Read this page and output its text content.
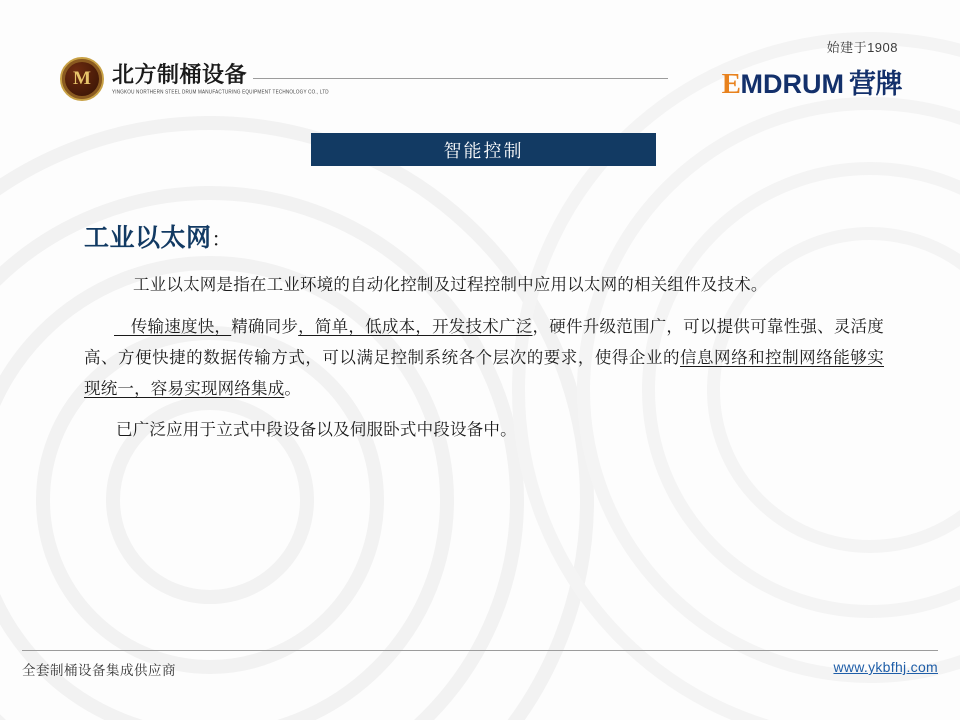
M 北方制桶设备
YINGKOU NORTHERN STEEL DRUM MANUFACTURING EQUIPMENT TECHNOLOGY CO., LTD
始建于1908
E MDRUM 营牌
智能控制
工业以太网：
工业以太网是指在工业环境的自动化控制及过程控制中应用以太网的相关组件及技术。
　传输速度快，精确同步，简单，低成本，开发技术广泛，硬件升级范围广，可以提供可靠性强、灵活度高、方便快捷的数据传输方式，可以满足控制系统各个层次的要求，使得企业的信息网络和控制网络能够实现统一，容易实现网络集成。
已广泛应用于立式中段设备以及伺服卧式中段设备中。
全套制桶设备集成供应商	www.ykbfhj.com
